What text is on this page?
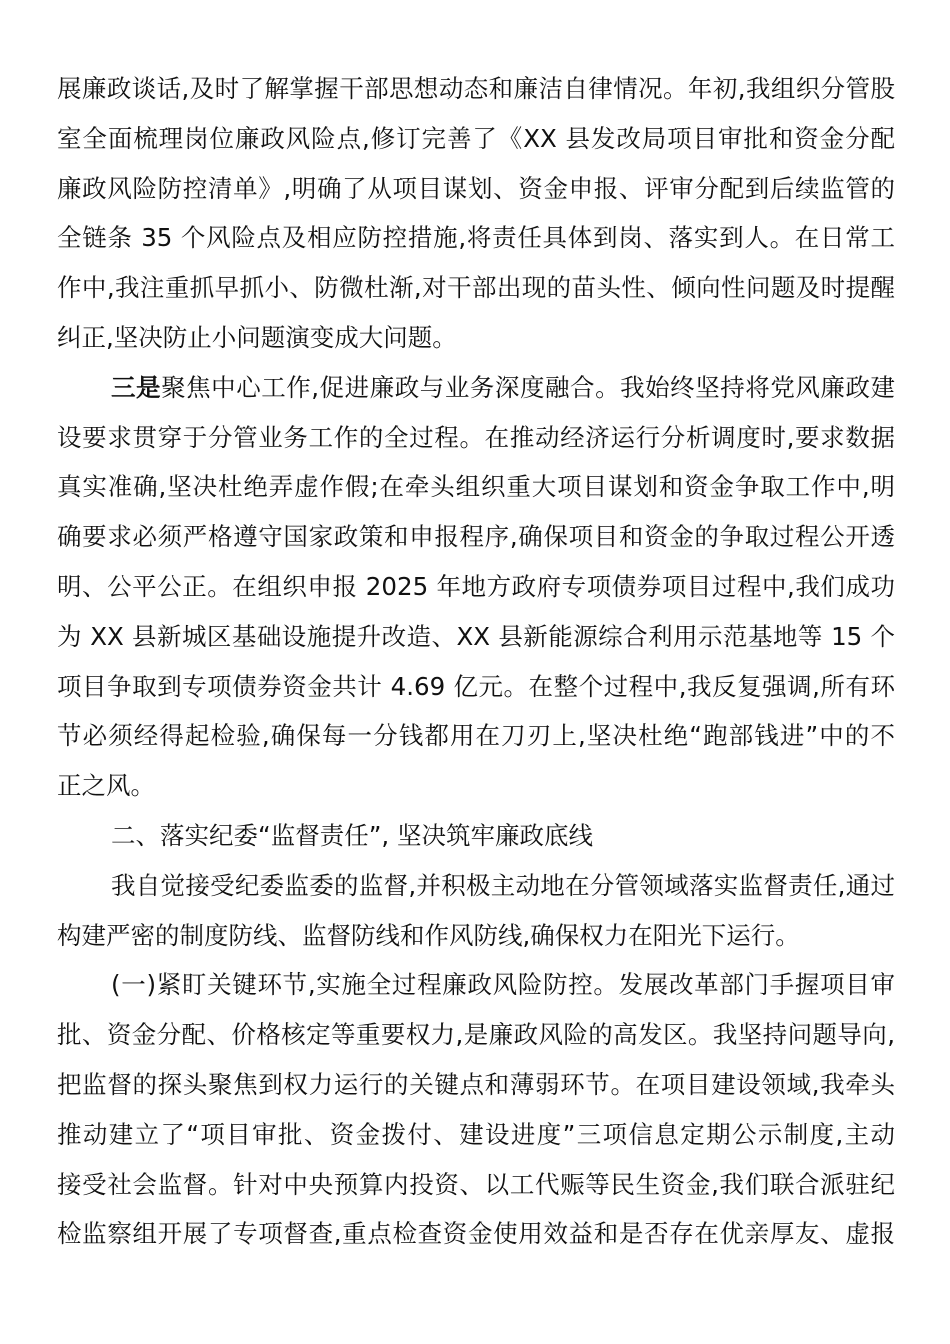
展廉政谈话,及时了解掌握干部思想动态和廉洁自律情况。年初,我组织分管股
室全面梳理岗位廉政风险点,修订完善了《XX 县发改局项目审批和资金分配
廉政风险防控清单》,明确了从项目谋划、资金申报、评审分配到后续监管的
全链条 35 个风险点及相应防控措施,将责任具体到岗、落实到人。在日常工
作中,我注重抓早抓小、防微杜渐,对干部出现的苗头性、倾向性问题及时提醒
纠正,坚决防止小问题演变成大问题。
三是聚焦中心工作,促进廉政与业务深度融合。我始终坚持将党风廉政建
设要求贯穿于分管业务工作的全过程。在推动经济运行分析调度时,要求数据
真实准确,坚决杜绝弄虚作假;在牵头组织重大项目谋划和资金争取工作中,明
确要求必须严格遵守国家政策和申报程序,确保项目和资金的争取过程公开透
明、公平公正。在组织申报 2025 年地方政府专项债券项目过程中,我们成功
为 XX 县新城区基础设施提升改造、XX 县新能源综合利用示范基地等 15 个
项目争取到专项债券资金共计 4.69 亿元。在整个过程中,我反复强调,所有环
节必须经得起检验,确保每一分钱都用在刀刃上,坚决杜绝“跑部钱进”中的不
正之风。
二、落实纪委“监督责任”, 坚决筑牢廉政底线
我自觉接受纪委监委的监督,并积极主动地在分管领域落实监督责任,通过
构建严密的制度防线、监督防线和作风防线,确保权力在阳光下运行。
(一)紧盯关键环节,实施全过程廉政风险防控。发展改革部门手握项目审
批、资金分配、价格核定等重要权力,是廉政风险的高发区。我坚持问题导向,
把监督的探头聚焦到权力运行的关键点和薄弱环节。在项目建设领域,我牵头
推动建立了“项目审批、资金拨付、建设进度”三项信息定期公示制度,主动
接受社会监督。针对中央预算内投资、以工代赈等民生资金,我们联合派驻纪
检监察组开展了专项督查,重点检查资金使用效益和是否存在优亲厚友、虚报
